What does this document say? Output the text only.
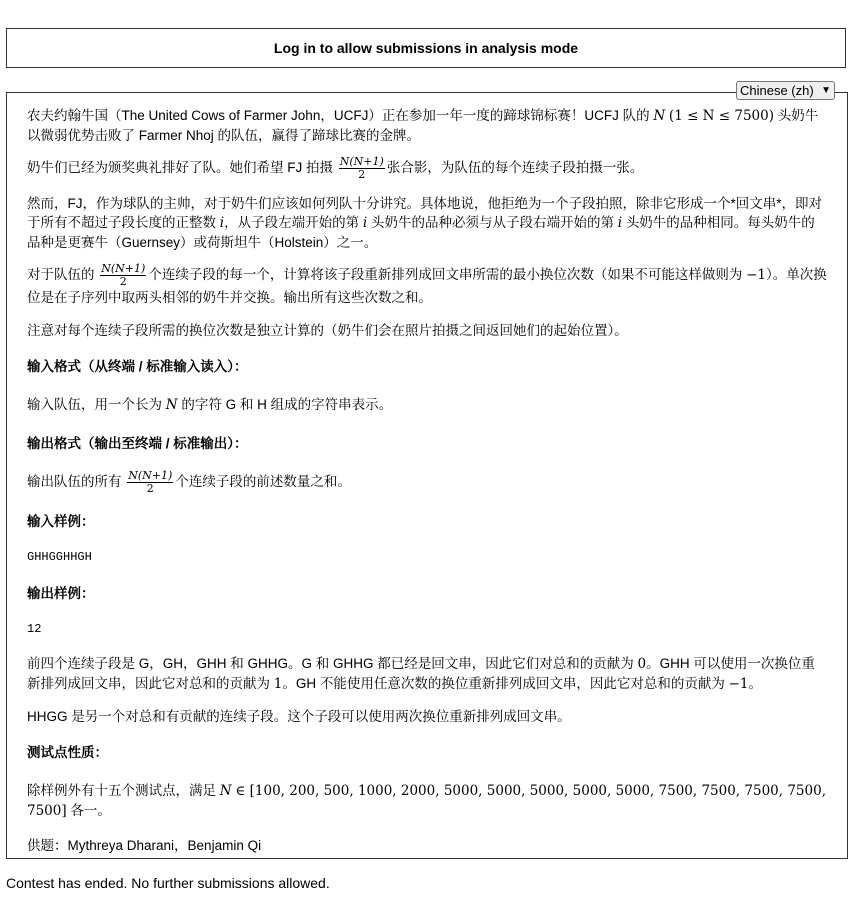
Log in to allow submissions in analysis mode

农夫约翰牛国（The United Cows of Farmer John，UCFJ）正在参加一年一度的蹄球锦标赛！UCFJ 队的 N (1 ≤ N ≤ 7500) 头奶牛以微弱优势击败了 Farmer Nhoj 的队伍，赢得了蹄球比赛的金牌。

奶牛们已经为颁奖典礼排好了队。她们希望 FJ 拍摄 $\frac{N(N+1)}{2}$ 张合影，为队伍的每个连续子段拍摄一张。

然而，FJ，作为球队的主帅，对于奶牛们应该如何列队十分讲究。具体地说，他拒绝为一个子段拍照，除非它形成一个*回文串*，即对于所有不超过子段长度的正整数 i，从子段左端开始的第 i 头奶牛的品种必须与从子段右端开始的第 i 头奶牛的品种相同。每头奶牛的品种是更赛牛（Guernsey）或荷斯坦牛（Holstein）之一。

对于队伍的 $\frac{N(N+1)}{2}$ 个连续子段的每一个，计算将该子段重新排列成回文串所需的最小换位次数（如果不可能这样做则为 −1）。单次换位是在子序列中取两头相邻的奶牛并交换。输出所有这些次数之和。

注意对每个连续子段所需的换位次数是独立计算的（奶牛们会在照片拍摄之间返回她们的起始位置）。

输入格式（从终端 / 标准输入读入）：

输入队伍，用一个长为 N 的字符 G 和 H 组成的字符串表示。

输出格式（输出至终端 / 标准输出）：

输出队伍的所有 $\frac{N(N+1)}{2}$ 个连续子段的前述数量之和。

输入样例：

GHHGGHHGH

输出样例：

12

前四个连续子段是 G，GH，GHH 和 GHHG。G 和 GHHG 都已经是回文串，因此它们对总和的贡献为 0。GHH 可以使用一次换位重新排列成回文串，因此它对总和的贡献为 1。GH 不能使用任意次数的换位重新排列成回文串，因此它对总和的贡献为 −1。

HHGG 是另一个对总和有贡献的连续子段。这个子段可以使用两次换位重新排列成回文串。

测试点性质：

除样例外有十五个测试点，满足 N ∈ [100, 200, 500, 1000, 2000, 5000, 5000, 5000, 5000, 5000, 7500, 7500, 7500, 7500, 7500] 各一。

供题：Mythreya Dharani，Benjamin Qi

Chinese (zh) ▼
Contest has ended. No further submissions allowed.
